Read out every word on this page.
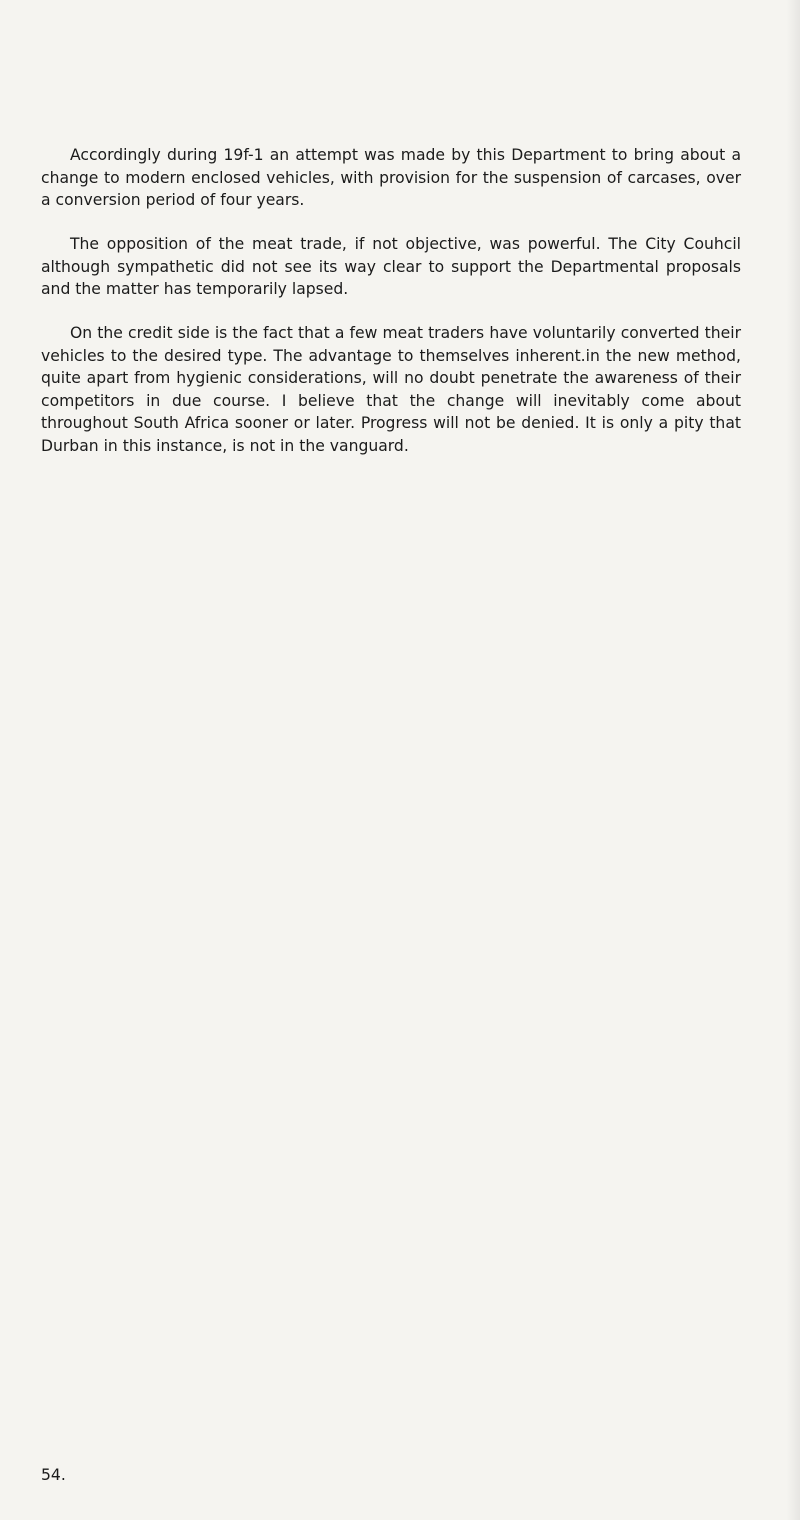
Accordingly during 19f-1 an attempt was made by this Department to bring about a change to modern enclosed vehicles, with provision for the suspension of carcases, over a conversion period of four years.

The opposition of the meat trade, if not objective, was powerful. The City Couhcil although sympathetic did not see its way clear to support the Departmental proposals and the matter has temporarily lapsed.

On the credit side is the fact that a few meat traders have voluntarily converted their vehicles to the desired type. The advantage to themselves inherent.in the new method, quite apart from hygienic considerations, will no doubt penetrate the awareness of their competitors in due course. I believe that the change will inevitably come about throughout South Africa sooner or later. Progress will not be denied. It is only a pity that Durban in this instance, is not in the vanguard.

54.
